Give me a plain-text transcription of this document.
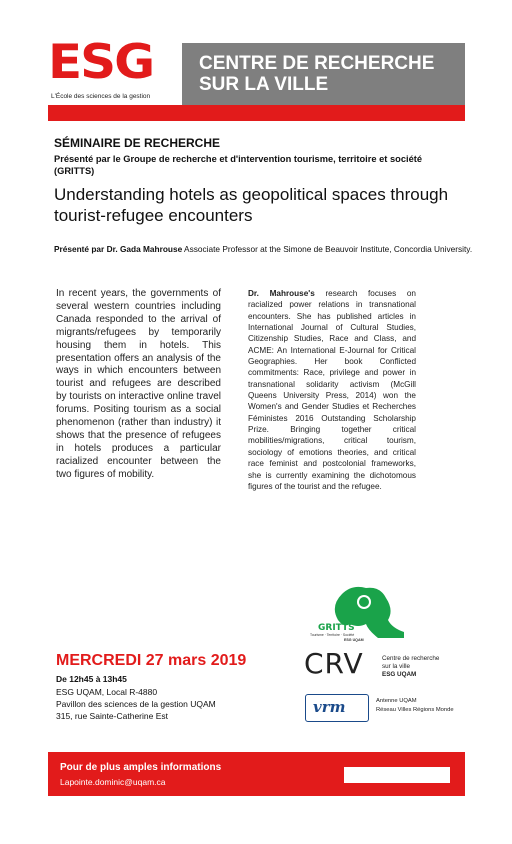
ESG
L'École des sciences de la gestion
CENTRE DE RECHERCHE
SUR LA VILLE
SÉMINAIRE DE RECHERCHE
Présenté par le Groupe de recherche et d'intervention tourisme, territoire et société (GRITTS)
Understanding hotels as geopolitical spaces through tourist-refugee encounters
Présenté par Dr. Gada Mahrouse Associate Professor at the Simone de Beauvoir Institute, Concordia University.
In recent years, the governments of several western countries including Canada responded to the arrival of migrants/refugees by temporarily housing them in hotels. This presentation offers an analysis of the ways in which encounters between tourist and refugees are described by tourists on interactive online travel forums. Positing tourism as a social phenomenon (rather than industry) it shows that the presence of refugees in hotels produces a particular racialized encounter between the two figures of mobility.
Dr. Mahrouse's research focuses on racialized power relations in transnational encounters. She has published articles in International Journal of Cultural Studies, Citizenship Studies, Race and Class, and ACME: An International E-Journal for Critical Geographies. Her book Conflicted commitments: Race, privilege and power in transnational solidarity activism (McGill Queens University Press, 2014) won the Women's and Gender Studies et Recherches Féministes 2016 Outstanding Scholarship Prize. Bringing together critical mobilities/migrations, critical tourism, sociology of emotions theories, and critical race feminist and postcolonial frameworks, she is currently examining the dichotomous figures of the tourist and the refugee.
GRITTS
Tourisme · Territoire · Société
ESG UQAM
MERCREDI 27 mars 2019
De 12h45 à 13h45
ESG UQAM, Local R-4880
Pavillon des sciences de la gestion UQAM
315, rue Sainte-Catherine Est
CRV	Centre de recherche
sur la ville
ESG UQAM
vrm	Antenne UQAM
Réseau Villes Régions Monde
Pour de plus amples informations
Lapointe.dominic@uqam.ca
